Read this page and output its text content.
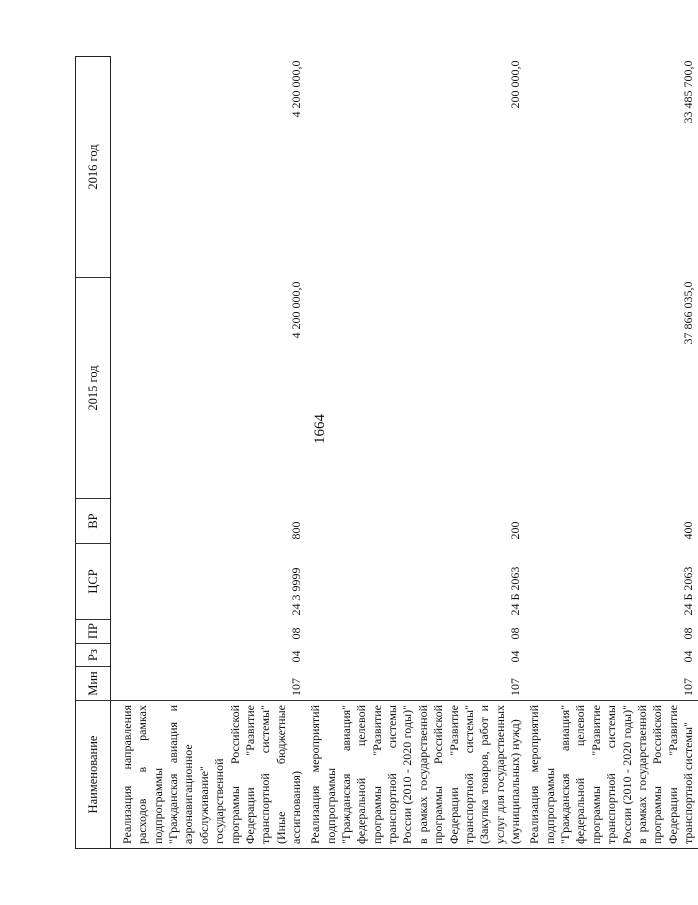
1664
Наименование	Мин	Рз	ПР	ЦСР	ВР	2015 год	2016 год
Реализация направления расходов в рамках подпрограммы "Гражданская авиация и аэронавигационное обслуживание" государственной программы Российской Федерации "Развитие транспортной системы" (Иные бюджетные ассигнования)	107	04	08	24 3 9999	800	4 200 000,0	4 200 000,0
Реализация мероприятий подпрограммы "Гражданская авиация" федеральной целевой программы "Развитие транспортной системы России (2010 - 2020 годы)" в рамках государственной программы Российской Федерации "Развитие транспортной системы" (Закупка товаров, работ и услуг для государственных (муниципальных) нужд)	107	04	08	24 Б 2063	200		200 000,0
Реализация мероприятий подпрограммы "Гражданская авиация" федеральной целевой программы "Развитие транспортной системы России (2010 - 2020 годы)" в рамках государственной программы Российской Федерации "Развитие транспортной системы"	107	04	08	24 Б 2063	400	37 866 035,0	33 485 700,0
